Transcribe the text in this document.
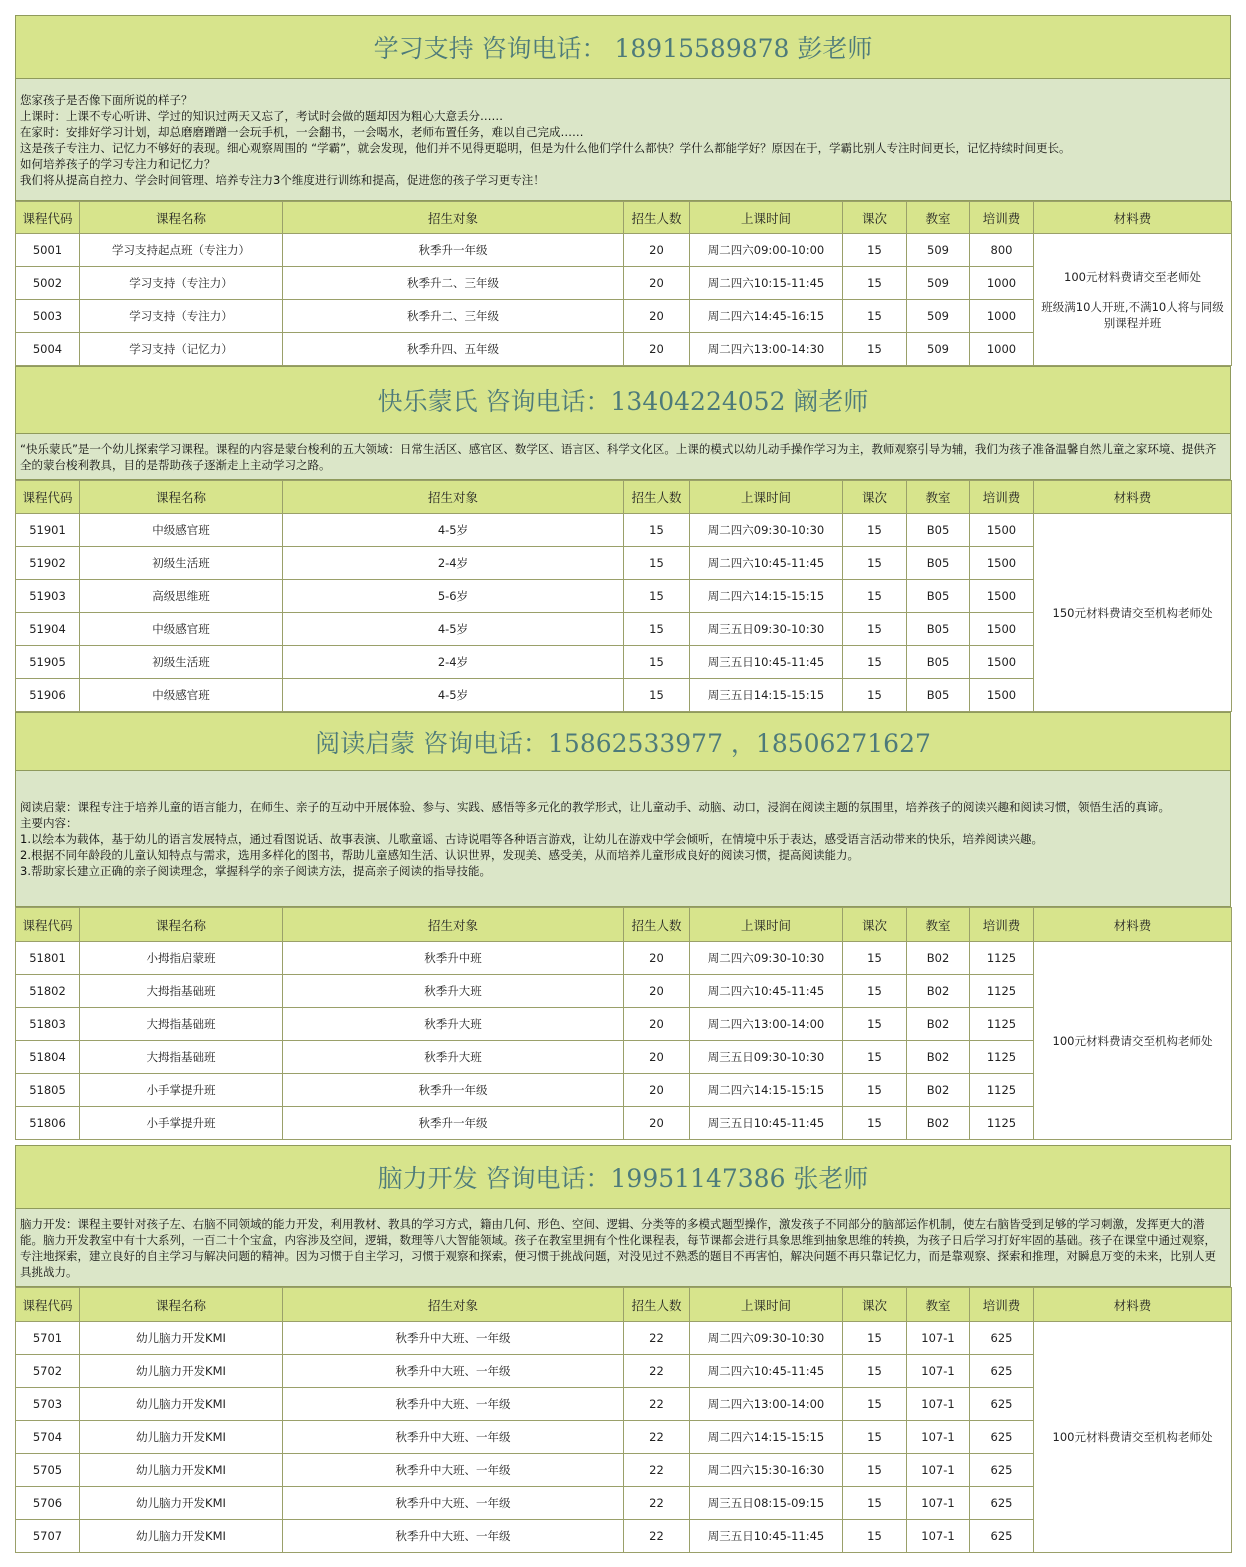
学习支持 咨询电话： 18915589878 彭老师

您家孩子是否像下面所说的样子？

上课时：上课不专心听讲、学过的知识过两天又忘了，考试时会做的题却因为粗心大意丢分……

在家时：安排好学习计划，却总磨磨蹭蹭一会玩手机，一会翻书，一会喝水，老师布置任务，难以自己完成……

这是孩子专注力、记忆力不够好的表现。细心观察周围的 “学霸”，就会发现，他们并不见得更聪明，但是为什么他们学什么都快？学什么都能学好？原因在于，学霸比别人专注时间更长，记忆持续时间更长。

如何培养孩子的学习专注力和记忆力？

我们将从提高自控力、学会时间管理、培养专注力3个维度进行训练和提高，促进您的孩子学习更专注！

课程代码	课程名称	招生对象	招生人数	上课时间	课次	教室	培训费	材料费
5001	学习支持起点班（专注力）	秋季升一年级	20	周二四六09:00-10:00	15	509	800	100元材料费请交至老师处
班级满10人开班,不满10人将与同级别课程并班

5002	学习支持（专注力）	秋季升二、三年级	20	周二四六10:15-11:45	15	509	1000	
5003	学习支持（专注力）	秋季升二、三年级	20	周二四六14:45-16:15	15	509	1000	
5004	学习支持（记忆力）	秋季升四、五年级	20	周二四六13:00-14:30	15	509	1000	
快乐蒙氏 咨询电话：13404224052 阚老师

“快乐蒙氏”是一个幼儿探索学习课程。课程的内容是蒙台梭利的五大领域：日常生活区、感官区、数学区、语言区、科学文化区。上课的模式以幼儿动手操作学习为主，教师观察引导为辅，我们为孩子准备温馨自然儿童之家环境、提供齐全的蒙台梭利教具，目的是帮助孩子逐渐走上主动学习之路。

课程代码	课程名称	招生对象	招生人数	上课时间	课次	教室	培训费	材料费
51901	中级感官班	4-5岁	15	周二四六09:30-10:30	15	B05	1500	150元材料费请交至机构老师处

51902	初级生活班	2-4岁	15	周二四六10:45-11:45	15	B05	1500	
51903	高级思维班	5-6岁	15	周二四六14:15-15:15	15	B05	1500	
51904	中级感官班	4-5岁	15	周三五日09:30-10:30	15	B05	1500	
51905	初级生活班	2-4岁	15	周三五日10:45-11:45	15	B05	1500	
51906	中级感官班	4-5岁	15	周三五日14:15-15:15	15	B05	1500	
阅读启蒙 咨询电话：15862533977 ，18506271627

阅读启蒙：课程专注于培养儿童的语言能力，在师生、亲子的互动中开展体验、参与、实践、感悟等多元化的教学形式，让儿童动手、动脑、动口，浸润在阅读主题的氛围里，培养孩子的阅读兴趣和阅读习惯，领悟生活的真谛。

主要内容：

1.以绘本为载体，基于幼儿的语言发展特点，通过看图说话、故事表演、儿歌童谣、古诗说唱等各种语言游戏，让幼儿在游戏中学会倾听，在情境中乐于表达，感受语言活动带来的快乐，培养阅读兴趣。

2.根据不同年龄段的儿童认知特点与需求，选用多样化的图书，帮助儿童感知生活、认识世界，发现美、感受美，从而培养儿童形成良好的阅读习惯，提高阅读能力。

3.帮助家长建立正确的亲子阅读理念，掌握科学的亲子阅读方法，提高亲子阅读的指导技能。

课程代码	课程名称	招生对象	招生人数	上课时间	课次	教室	培训费	材料费
51801	小拇指启蒙班	秋季升中班	20	周二四六09:30-10:30	15	B02	1125	100元材料费请交至机构老师处

51802	大拇指基础班	秋季升大班	20	周二四六10:45-11:45	15	B02	1125	
51803	大拇指基础班	秋季升大班	20	周二四六13:00-14:00	15	B02	1125	
51804	大拇指基础班	秋季升大班	20	周三五日09:30-10:30	15	B02	1125	
51805	小手掌提升班	秋季升一年级	20	周二四六14:15-15:15	15	B02	1125	
51806	小手掌提升班	秋季升一年级	20	周三五日10:45-11:45	15	B02	1125	
脑力开发 咨询电话：19951147386 张老师

脑力开发：课程主要针对孩子左、右脑不同领域的能力开发，利用教材、教具的学习方式，籍由几何、形色、空间、逻辑、分类等的多模式题型操作，激发孩子不同部分的脑部运作机制，使左右脑皆受到足够的学习刺激，发挥更大的潜能。脑力开发教室中有十大系列，一百二十个宝盒，内容涉及空间，逻辑，数理等八大智能领域。孩子在教室里拥有个性化课程表，每节课都会进行具象思维到抽象思维的转换，为孩子日后学习打好牢固的基础。孩子在课堂中通过观察，专注地探索，建立良好的自主学习与解决问题的精神。因为习惯于自主学习，习惯于观察和探索，便习惯于挑战问题，对没见过不熟悉的题目不再害怕，解决问题不再只靠记忆力，而是靠观察、探索和推理，对瞬息万变的未来，比别人更具挑战力。

课程代码	课程名称	招生对象	招生人数	上课时间	课次	教室	培训费	材料费
5701	幼儿脑力开发KMI	秋季升中大班、一年级	22	周二四六09:30-10:30	15	107-1	625	100元材料费请交至机构老师处

5702	幼儿脑力开发KMI	秋季升中大班、一年级	22	周二四六10:45-11:45	15	107-1	625	
5703	幼儿脑力开发KMI	秋季升中大班、一年级	22	周二四六13:00-14:00	15	107-1	625	
5704	幼儿脑力开发KMI	秋季升中大班、一年级	22	周二四六14:15-15:15	15	107-1	625	
5705	幼儿脑力开发KMI	秋季升中大班、一年级	22	周二四六15:30-16:30	15	107-1	625	
5706	幼儿脑力开发KMI	秋季升中大班、一年级	22	周三五日08:15-09:15	15	107-1	625	
5707	幼儿脑力开发KMI	秋季升中大班、一年级	22	周三五日10:45-11:45	15	107-1	625	
